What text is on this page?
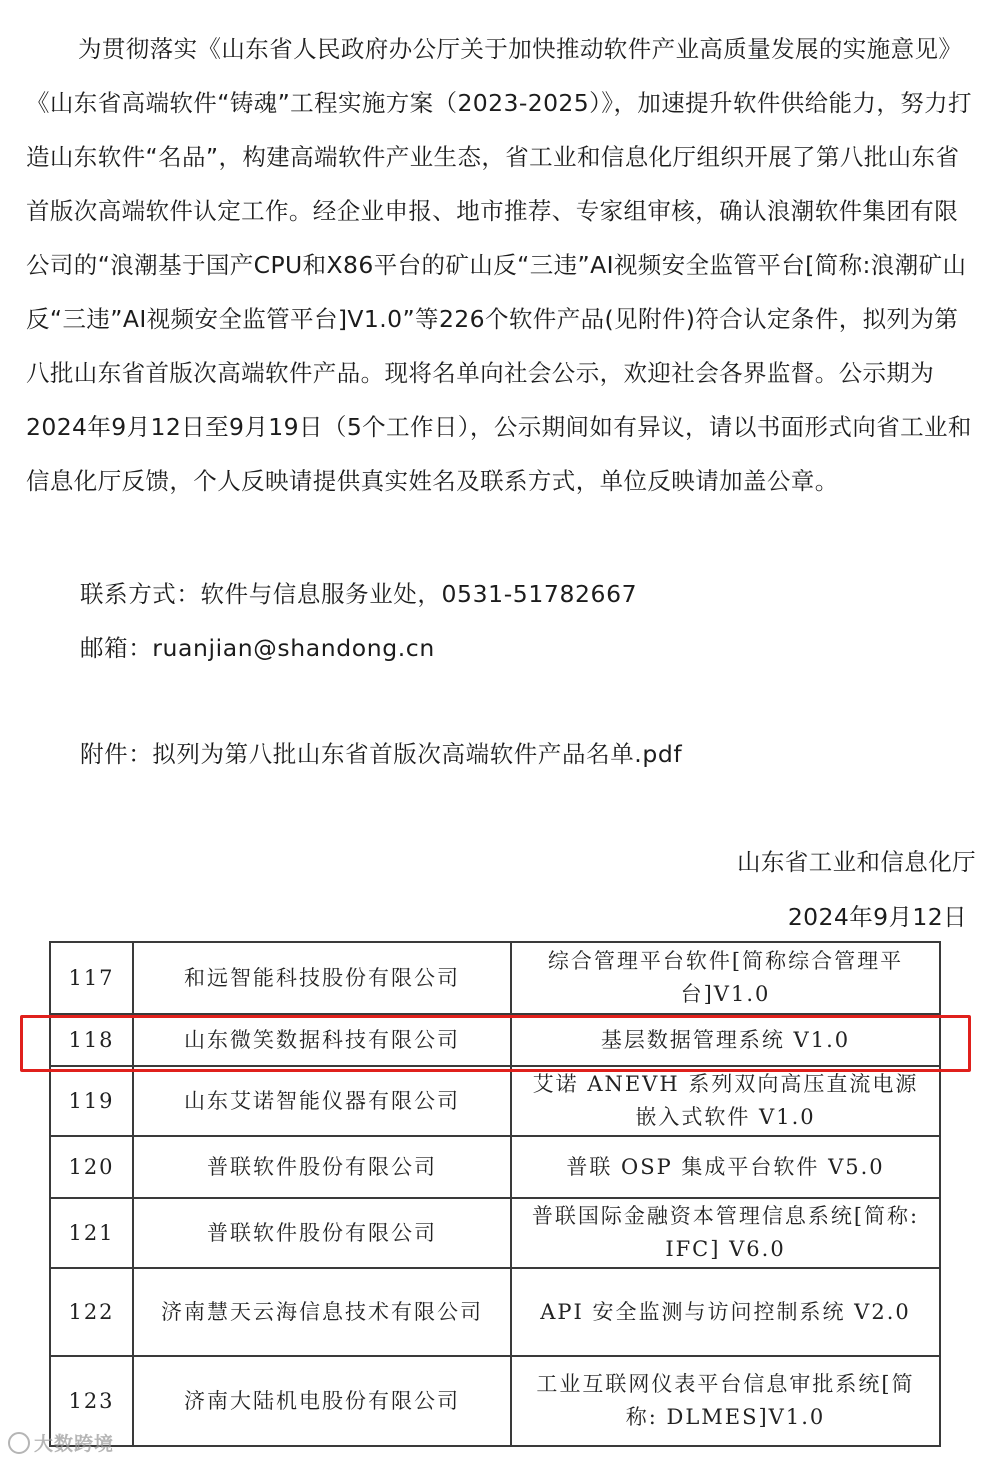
为贯彻落实《山东省人民政府办公厅关于加快推动软件产业高质量发展的实施意见》《山东省高端软件“铸魂”工程实施方案（2023-2025）》，加速提升软件供给能力，努力打造山东软件“名品”，构建高端软件产业生态，省工业和信息化厅组织开展了第八批山东省首版次高端软件认定工作。经企业申报、地市推荐、专家组审核，确认浪潮软件集团有限公司的“浪潮基于国产CPU和X86平台的矿山反“三违”AI视频安全监管平台[简称:浪潮矿山反“三违”AI视频安全监管平台]V1.0”等226个软件产品(见附件)符合认定条件，拟列为第八批山东省首版次高端软件产品。现将名单向社会公示，欢迎社会各界监督。公示期为2024年9月12日至9月19日（5个工作日），公示期间如有异议，请以书面形式向省工业和信息化厅反馈，个人反映请提供真实姓名及联系方式，单位反映请加盖公章。

联系方式：软件与信息服务业处，0531-51782667
邮箱：ruanjian@shandong.cn
附件：拟列为第八批山东省首版次高端软件产品名单.pdf
山东省工业和信息化厅
2024年9月12日
117	和远智能科技股份有限公司	综合管理平台软件[简称综合管理平台]V1.0
118	山东微笑数据科技有限公司	基层数据管理系统 V1.0
119	山东艾诺智能仪器有限公司	艾诺 ANEVH 系列双向高压直流电源嵌入式软件 V1.0
120	普联软件股份有限公司	普联 OSP 集成平台软件 V5.0
121	普联软件股份有限公司	普联国际金融资本管理信息系统[简称: IFC] V6.0
122	济南慧天云海信息技术有限公司	API 安全监测与访问控制系统 V2.0
123	济南大陆机电股份有限公司	工业互联网仪表平台信息审批系统[简称: DLMES]V1.0
大数跨境
